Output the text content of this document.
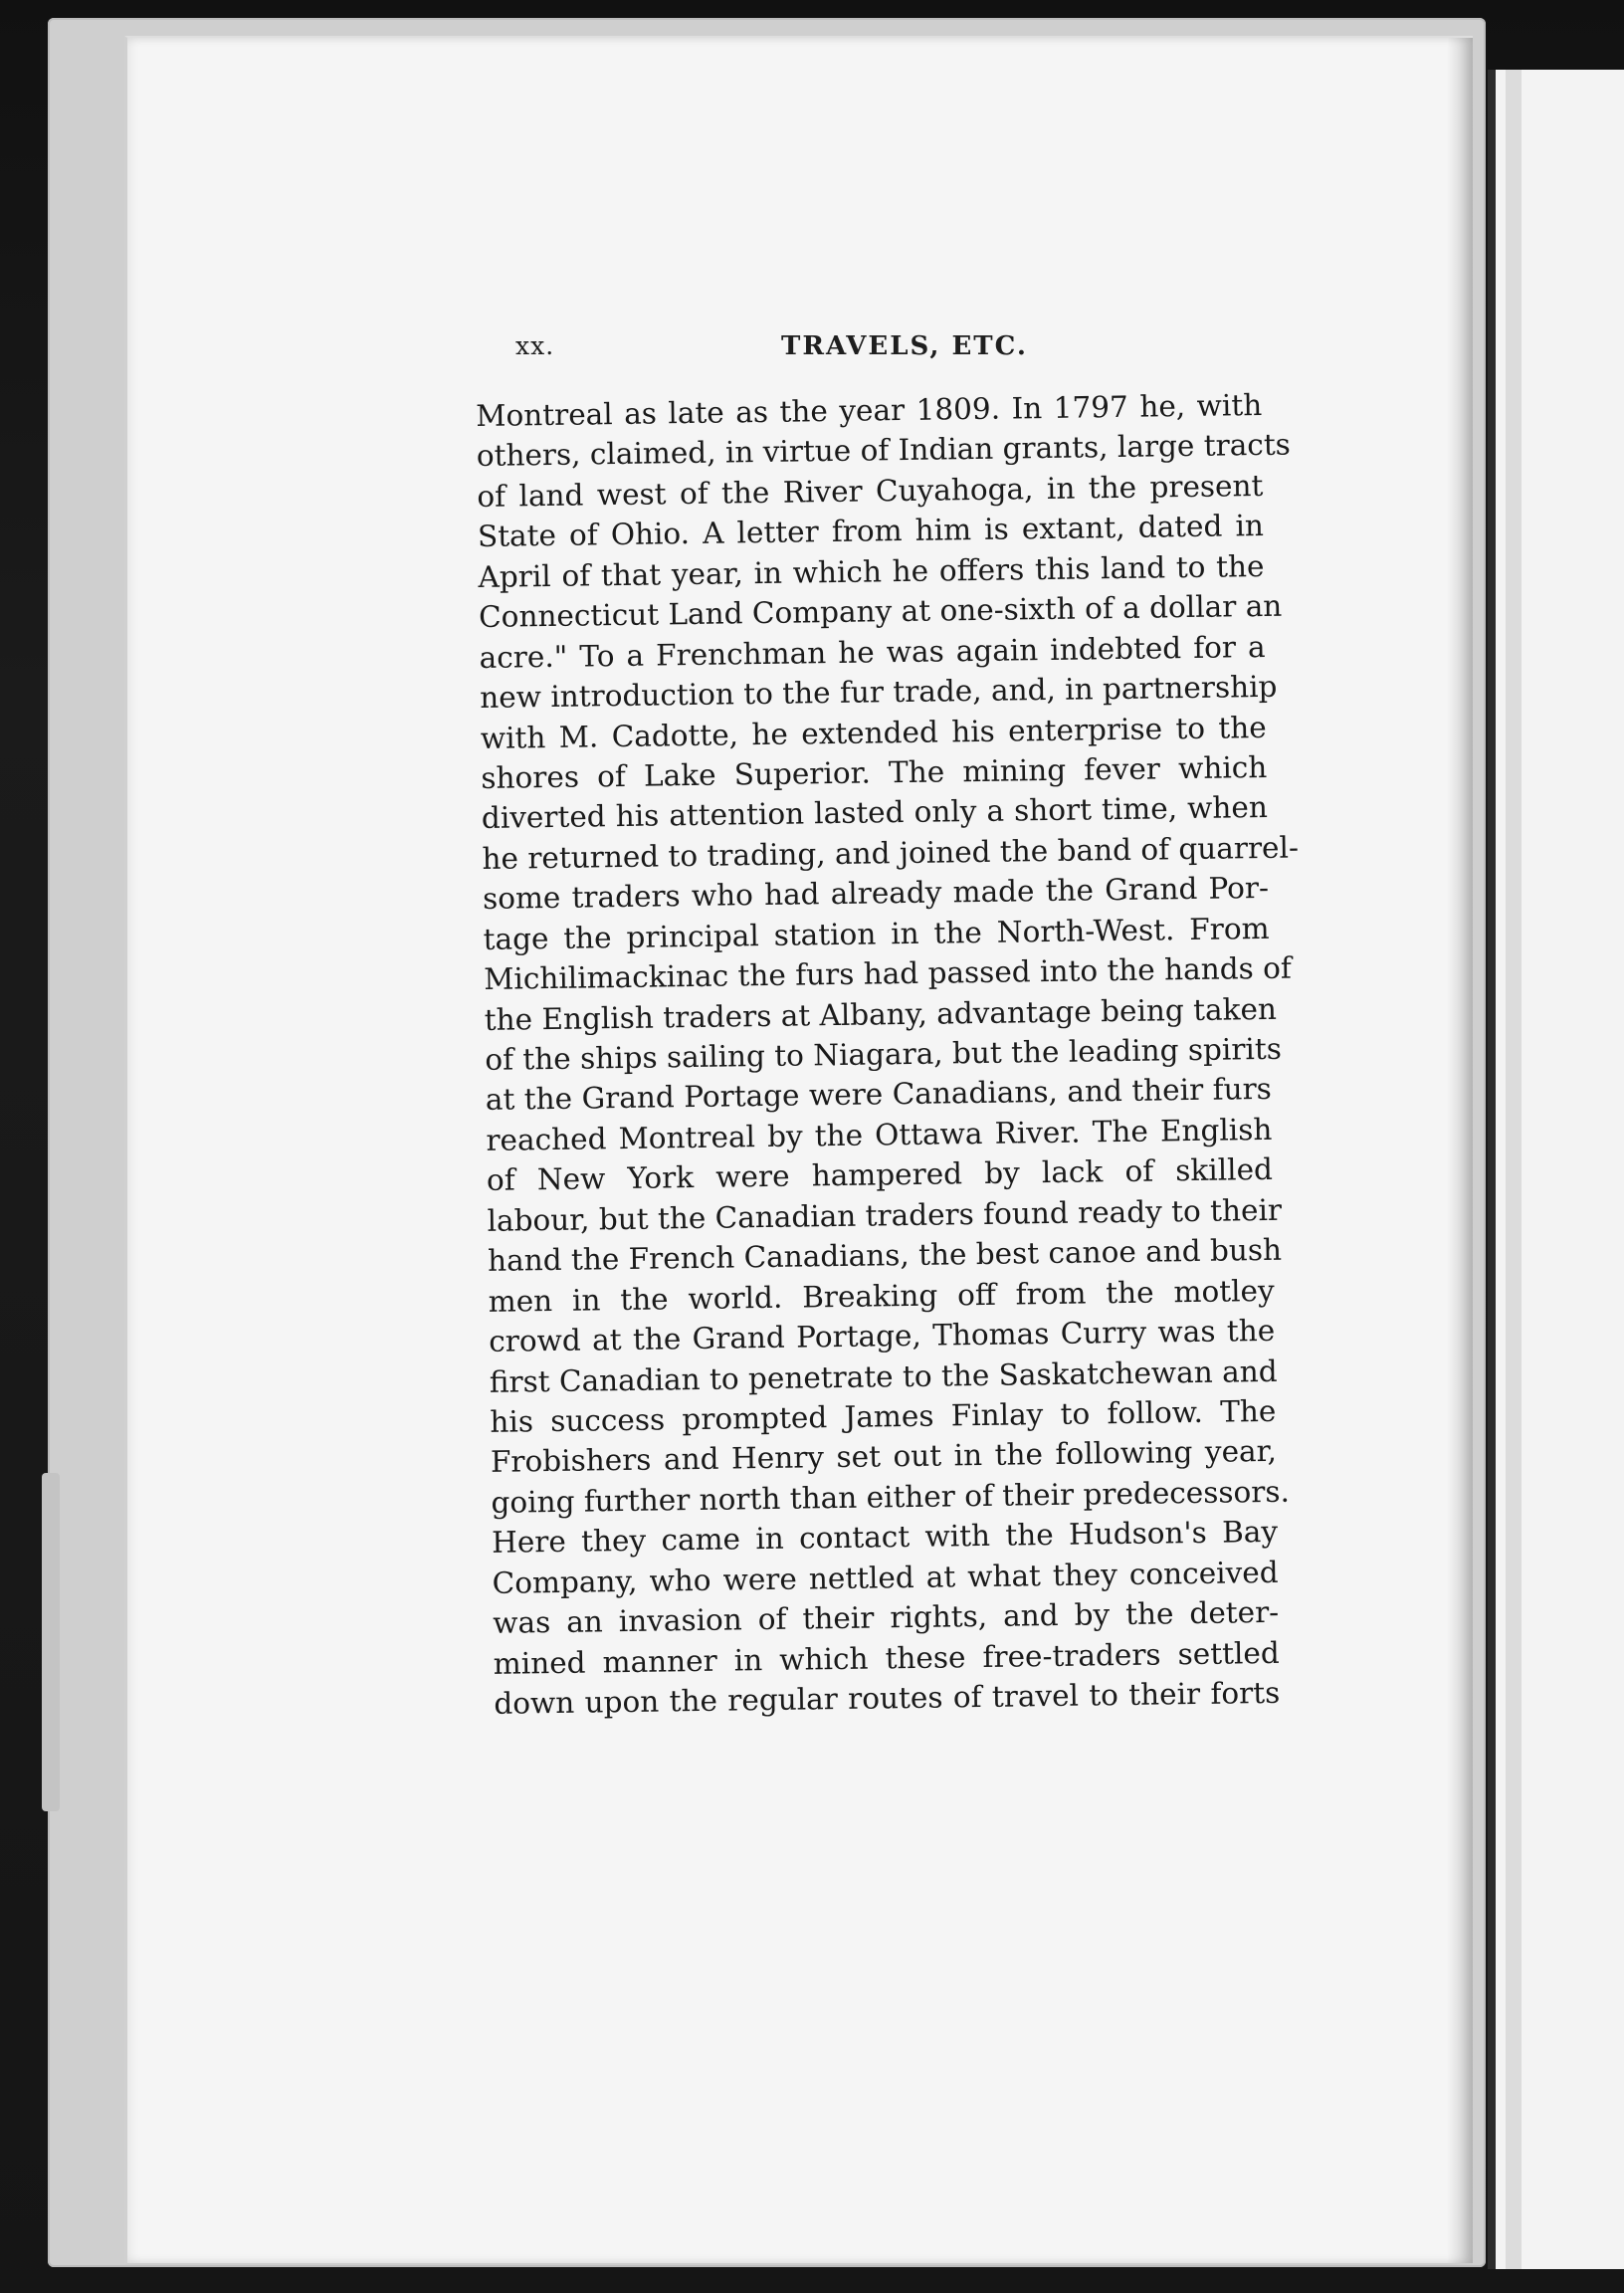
xx.	TRAVELS, ETC.
Montreal as late as the year 1809. In 1797 he, with
others, claimed, in virtue of Indian grants, large tracts
of land west of the River Cuyahoga, in the present
State of Ohio. A letter from him is extant, dated in
April of that year, in which he offers this land to the
Connecticut Land Company at one-sixth of a dollar an
acre." To a Frenchman he was again indebted for a
new introduction to the fur trade, and, in partnership
with M. Cadotte, he extended his enterprise to the
shores of Lake Superior. The mining fever which
diverted his attention lasted only a short time, when
he returned to trading, and joined the band of quarrel-
some traders who had already made the Grand Por-
tage the principal station in the North-West. From
Michilimackinac the furs had passed into the hands of
the English traders at Albany, advantage being taken
of the ships sailing to Niagara, but the leading spirits
at the Grand Portage were Canadians, and their furs
reached Montreal by the Ottawa River. The English
of New York were hampered by lack of skilled
labour, but the Canadian traders found ready to their
hand the French Canadians, the best canoe and bush
men in the world. Breaking off from the motley
crowd at the Grand Portage, Thomas Curry was the
first Canadian to penetrate to the Saskatchewan and
his success prompted James Finlay to follow. The
Frobishers and Henry set out in the following year,
going further north than either of their predecessors.
Here they came in contact with the Hudson's Bay
Company, who were nettled at what they conceived
was an invasion of their rights, and by the deter-
mined manner in which these free-traders settled
down upon the regular routes of travel to their forts
